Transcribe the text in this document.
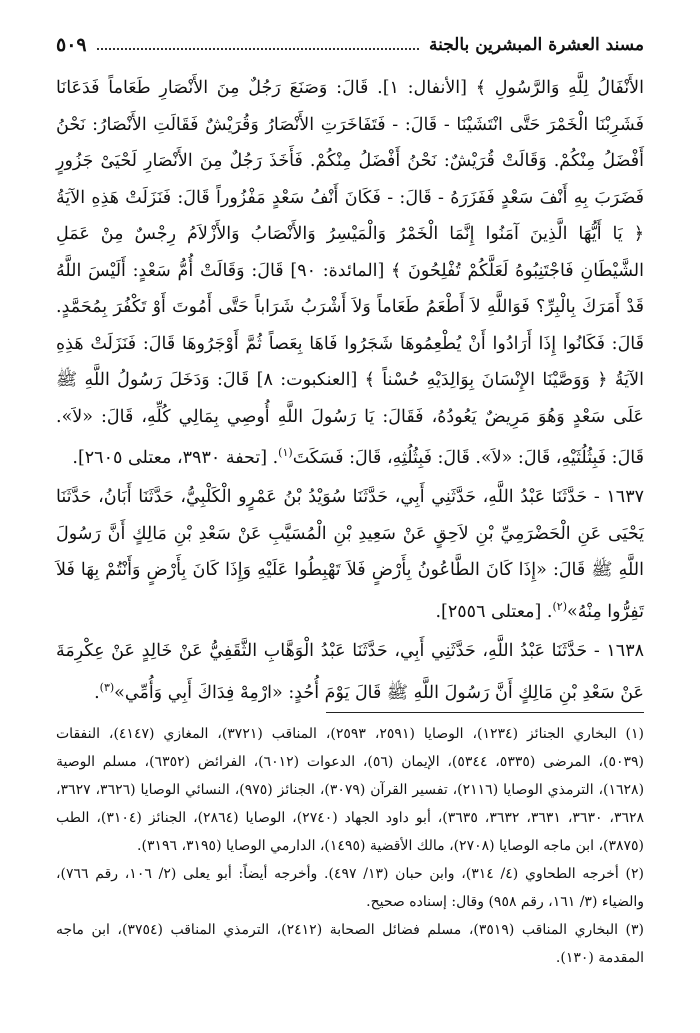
مسند العشرة المبشرين بالجنة
٥٠٩

الأَنْفَالُ لِلَّهِ وَالرَّسُولِ ﴾ [الأنفال: ١]. قَالَ: وَصَنَعَ رَجُلٌ مِنَ الأَنْصَارِ طَعَاماً فَدَعَانَا فَشَرِبْنَا الْخَمْرَ حَتَّى انْتَشَيْنَا - قَالَ: - فَتَفَاخَرَتِ الأَنْصَارُ وَقُرَيْشٌ فَقَالَتِ الأَنْصَارُ: نَحْنُ أَفْضَلُ مِنْكُمْ. وَقَالَتْ قُرَيْشٌ: نَحْنُ أَفْضَلُ مِنْكُمْ. فَأَخَذَ رَجُلٌ مِنَ الأَنْصَارِ لَحْيَىْ جَزُورٍ فَضَرَبَ بِهِ أَنْفَ سَعْدٍ فَفَزَرَهُ - قَالَ: - فَكَانَ أَنْفُ سَعْدٍ مَفْزُوراً قَالَ: فَنَزَلَتْ هَذِهِ الآيَةُ ﴿ يَا أَيُّهَا الَّذِينَ آمَنُوا إِنَّمَا الْخَمْرُ وَالْمَيْسِرُ وَالأَنْصَابُ وَالأَزْلاَمُ رِجْسٌ مِنْ عَمَلِ الشَّيْطَانِ فَاجْتَنِبُوهُ لَعَلَّكُمْ تُفْلِحُونَ ﴾ [المائدة: ٩٠] قَالَ: وَقَالَتْ أُمُّ سَعْدٍ: أَلَيْسَ اللَّهُ قَدْ أَمَرَكَ بِالْبِرِّ؟ فَوَاللَّهِ لاَ أَطْعَمُ طَعَاماً وَلاَ أَشْرَبُ شَرَاباً حَتَّى أَمُوتَ أَوْ تَكْفُرَ بِمُحَمَّدٍ. قَالَ: فَكَانُوا إِذَا أَرَادُوا أَنْ يُطْعِمُوهَا شَجَرُوا فَاهَا بِعَصاً ثُمَّ أَوْجَرُوهَا قَالَ: فَنَزَلَتْ هَذِهِ الآيَةُ ﴿ وَوَصَّيْنَا الإِنْسَانَ بِوَالِدَيْهِ حُسْناً ﴾ [العنكبوت: ٨] قَالَ: وَدَخَلَ رَسُولُ اللَّهِ ﷺ عَلَى سَعْدٍ وَهُوَ مَرِيضٌ يَعُودُهُ، فَقَالَ: يَا رَسُولَ اللَّهِ أُوصِي بِمَالِي كُلِّهِ، قَالَ: «لاَ». قَالَ: فَبِثُلُثَيْهِ، قَالَ: «لاَ». قَالَ: فَبِثُلُثِهِ، قَالَ: فَسَكَتَ$^{(١)}$. [تحفة ٣٩٣٠، معتلى ٢٦٠٥].

١٦٣٧ - حَدَّثَنَا عَبْدُ اللَّهِ، حَدَّثَنِي أَبِي، حَدَّثَنَا سُوَيْدُ بْنُ عَمْرٍو الْكَلْبِيُّ، حَدَّثَنَا أَبَانُ، حَدَّثَنَا يَحْيَى عَنِ الْحَضْرَمِيِّ بْنِ لاَحِقٍ عَنْ سَعِيدِ بْنِ الْمُسَيَّبِ عَنْ سَعْدِ بْنِ مَالِكٍ أَنَّ رَسُولَ اللَّهِ ﷺ قَالَ: «إِذَا كَانَ الطَّاعُونُ بِأَرْضٍ فَلاَ تَهْبِطُوا عَلَيْهِ وَإِذَا كَانَ بِأَرْضٍ وَأَنْتُمْ بِهَا فَلاَ تَفِرُّوا مِنْهُ»$^{(٢)}$. [معتلى ٢٥٥٦].

١٦٣٨ - حَدَّثَنَا عَبْدُ اللَّهِ، حَدَّثَنِي أَبِي، حَدَّثَنَا عَبْدُ الْوَهَّابِ الثَّقَفِيُّ عَنْ خَالِدٍ عَنْ عِكْرِمَةَ عَنْ سَعْدِ بْنِ مَالِكٍ أَنَّ رَسُولَ اللَّهِ ﷺ قَالَ يَوْمَ أُحُدٍ: «ارْمِهْ فِدَاكَ أَبِي وَأُمِّي»$^{(٣)}$.

(١) البخاري الجنائز (١٢٣٤)، الوصايا (٢٥٩١، ٢٥٩٣)، المناقب (٣٧٢١)، المغازي (٤١٤٧)، النفقات (٥٠٣٩)، المرضى (٥٣٣٥، ٥٣٤٤)، الإيمان (٥٦)، الدعوات (٦٠١٢)، الفرائض (٦٣٥٢)، مسلم الوصية (١٦٢٨)، الترمذي الوصايا (٢١١٦)، تفسير القرآن (٣٠٧٩)، الجنائز (٩٧٥)، النسائي الوصايا (٣٦٢٦، ٣٦٢٧، ٣٦٢٨، ٣٦٣٠، ٣٦٣١، ٣٦٣٢، ٣٦٣٥)، أبو داود الجهاد (٢٧٤٠)، الوصايا (٢٨٦٤)، الجنائز (٣١٠٤)، الطب (٣٨٧٥)، ابن ماجه الوصايا (٢٧٠٨)، مالك الأقضية (١٤٩٥)، الدارمي الوصايا (٣١٩٥، ٣١٩٦).

(٢) أخرجه الطحاوي (٤/ ٣١٤)، وابن حبان (١٣/ ٤٩٧). وأخرجه أيضاً: أبو يعلى (٢/ ١٠٦، رقم ٧٦٦)، والضياء (٣/ ١٦١، رقم ٩٥٨) وقال: إسناده صحيح.

(٣) البخاري المناقب (٣٥١٩)، مسلم فضائل الصحابة (٢٤١٢)، الترمذي المناقب (٣٧٥٤)، ابن ماجه المقدمة (١٣٠).
